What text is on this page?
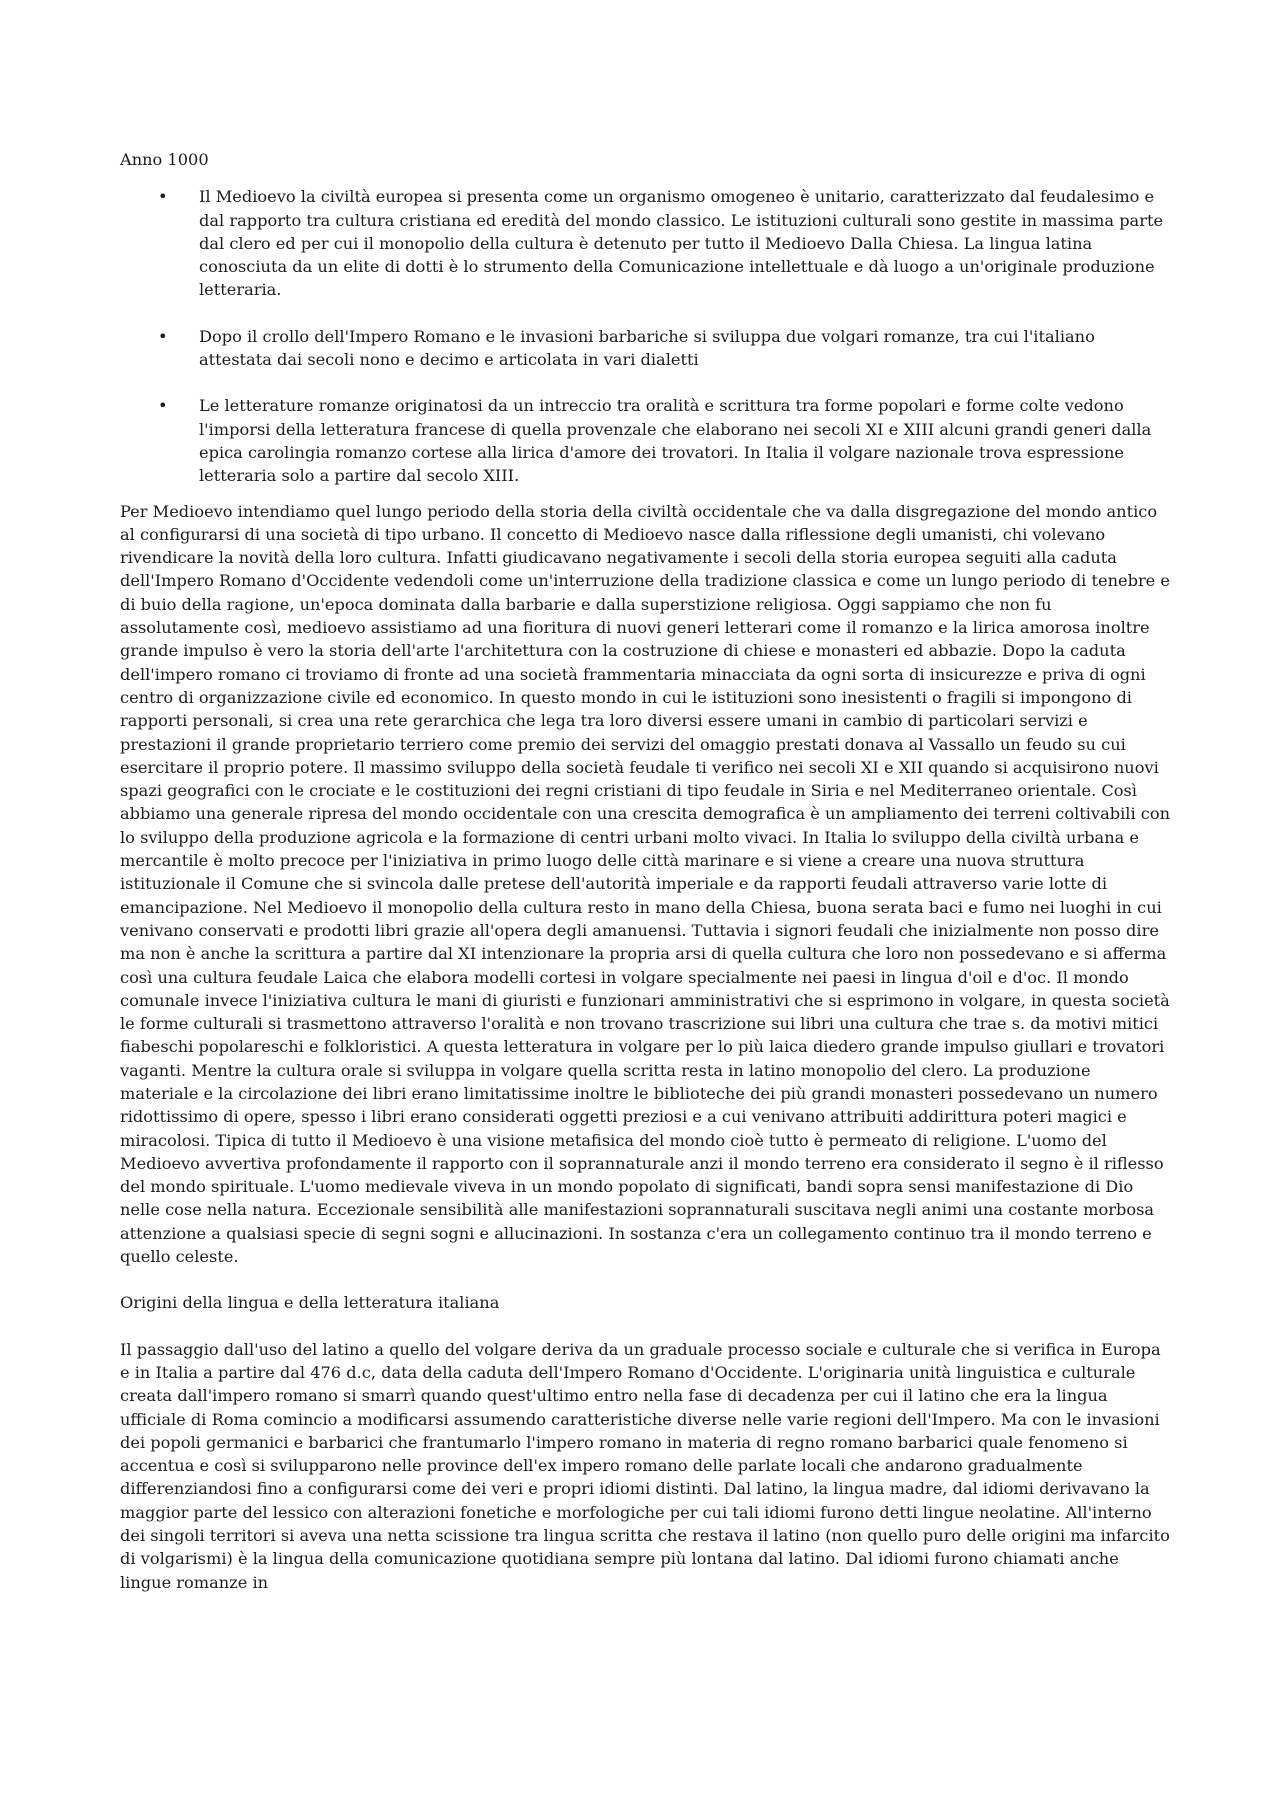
Anno 1000
• Il Medioevo la civiltà europea si presenta come un organismo omogeneo è unitario, caratterizzato dal feudalesimo e dal rapporto tra cultura cristiana ed eredità del mondo classico. Le istituzioni culturali sono gestite in massima parte dal clero ed per cui il monopolio della cultura è detenuto per tutto il Medioevo Dalla Chiesa. La lingua latina conosciuta da un elite di dotti è lo strumento della Comunicazione intellettuale e dà luogo a un'originale produzione letteraria.
• Dopo il crollo dell'Impero Romano e le invasioni barbariche si sviluppa due volgari romanze, tra cui l'italiano attestata dai secoli nono e decimo e articolata in vari dialetti
• Le letterature romanze originatosi da un intreccio tra oralità e scrittura tra forme popolari e forme colte vedono l'imporsi della letteratura francese di quella provenzale che elaborano nei secoli XI e XIII alcuni grandi generi dalla epica carolingia romanzo cortese alla lirica d'amore dei trovatori. In Italia il volgare nazionale trova espressione letteraria solo a partire dal secolo XIII.

Per Medioevo intendiamo quel lungo periodo della storia della civiltà occidentale che va dalla disgregazione del mondo antico al configurarsi di una società di tipo urbano. Il concetto di Medioevo nasce dalla riflessione degli umanisti, chi volevano rivendicare la novità della loro cultura. Infatti giudicavano negativamente i secoli della storia europea seguiti alla caduta dell'Impero Romano d'Occidente vedendoli come un'interruzione della tradizione classica e come un lungo periodo di tenebre e di buio della ragione, un'epoca dominata dalla barbarie e dalla superstizione religiosa. Oggi sappiamo che non fu assolutamente così, medioevo assistiamo ad una fioritura di nuovi generi letterari come il romanzo e la lirica amorosa inoltre grande impulso è vero la storia dell'arte l'architettura con la costruzione di chiese e monasteri ed abbazie. Dopo la caduta dell'impero romano ci troviamo di fronte ad una società frammentaria minacciata da ogni sorta di insicurezze e priva di ogni centro di organizzazione civile ed economico. In questo mondo in cui le istituzioni sono inesistenti o fragili si impongono di rapporti personali, si crea una rete gerarchica che lega tra loro diversi essere umani in cambio di particolari servizi e prestazioni il grande proprietario terriero come premio dei servizi del omaggio prestati donava al Vassallo un feudo su cui esercitare il proprio potere. Il massimo sviluppo della società feudale ti verifico nei secoli XI e XII quando si acquisirono nuovi spazi geografici con le crociate e le costituzioni dei regni cristiani di tipo feudale in Siria e nel Mediterraneo orientale. Così abbiamo una generale ripresa del mondo occidentale con una crescita demografica è un ampliamento dei terreni coltivabili con lo sviluppo della produzione agricola e la formazione di centri urbani molto vivaci. In Italia lo sviluppo della civiltà urbana e mercantile è molto precoce per l'iniziativa in primo luogo delle città marinare e si viene a creare una nuova struttura istituzionale il Comune che si svincola dalle pretese dell'autorità imperiale e da rapporti feudali attraverso varie lotte di emancipazione. Nel Medioevo il monopolio della cultura resto in mano della Chiesa, buona serata baci e fumo nei luoghi in cui venivano conservati e prodotti libri grazie all'opera degli amanuensi. Tuttavia i signori feudali che inizialmente non posso dire ma non è anche la scrittura a partire dal XI intenzionare la propria arsi di quella cultura che loro non possedevano e si afferma così una cultura feudale Laica che elabora modelli cortesi in volgare specialmente nei paesi in lingua d'oil e d'oc. Il mondo comunale invece l'iniziativa cultura le mani di giuristi e funzionari amministrativi che si esprimono in volgare, in questa società le forme culturali si trasmettono attraverso l'oralità e non trovano trascrizione sui libri una cultura che trae s. da motivi mitici fiabeschi popolareschi e folkloristici. A questa letteratura in volgare per lo più laica diedero grande impulso giullari e trovatori vaganti. Mentre la cultura orale si sviluppa in volgare quella scritta resta in latino monopolio del clero. La produzione materiale e la circolazione dei libri erano limitatissime inoltre le biblioteche dei più grandi monasteri possedevano un numero ridottissimo di opere, spesso i libri erano considerati oggetti preziosi e a cui venivano attribuiti addirittura poteri magici e miracolosi. Tipica di tutto il Medioevo è una visione metafisica del mondo cioè tutto è permeato di religione. L'uomo del Medioevo avvertiva profondamente il rapporto con il soprannaturale anzi il mondo terreno era considerato il segno è il riflesso del mondo spirituale. L'uomo medievale viveva in un mondo popolato di significati, bandi sopra sensi manifestazione di Dio nelle cose nella natura. Eccezionale sensibilità alle manifestazioni soprannaturali suscitava negli animi una costante morbosa attenzione a qualsiasi specie di segni sogni e allucinazioni. In sostanza c'era un collegamento continuo tra il mondo terreno e quello celeste.

Origini della lingua e della letteratura italiana

Il passaggio dall'uso del latino a quello del volgare deriva da un graduale processo sociale e culturale che si verifica in Europa e in Italia a partire dal 476 d.c, data della caduta dell'Impero Romano d'Occidente. L'originaria unità linguistica e culturale creata dall'impero romano si smarrì quando quest'ultimo entro nella fase di decadenza per cui il latino che era la lingua ufficiale di Roma comincio a modificarsi assumendo caratteristiche diverse nelle varie regioni dell'Impero. Ma con le invasioni dei popoli germanici e barbarici che frantumarlo l'impero romano in materia di regno romano barbarici quale fenomeno si accentua e così si svilupparono nelle province dell'ex impero romano delle parlate locali che andarono gradualmente differenziandosi fino a configurarsi come dei veri e propri idiomi distinti. Dal latino, la lingua madre, dal idiomi derivavano la maggior parte del lessico con alterazioni fonetiche e morfologiche per cui tali idiomi furono detti lingue neolatine. All'interno dei singoli territori si aveva una netta scissione tra lingua scritta che restava il latino (non quello puro delle origini ma infarcito di volgarismi) è la lingua della comunicazione quotidiana sempre più lontana dal latino. Dal idiomi furono chiamati anche lingue romanze in
